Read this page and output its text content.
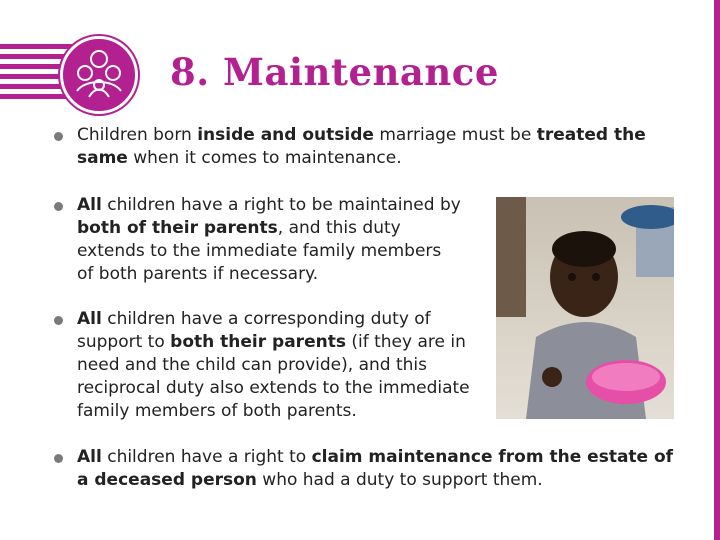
8. Maintenance
Children born inside and outside marriage must be treated the same when it comes to maintenance.
All children have a right to be maintained by both of their parents, and this duty extends to the immediate family members of both parents if necessary.
All children have a corresponding duty of support to both their parents (if they are in need and the child can provide), and this reciprocal duty also extends to the immediate family members of both parents.
All children have a right to claim maintenance from the estate of a deceased person who had a duty to support them.
